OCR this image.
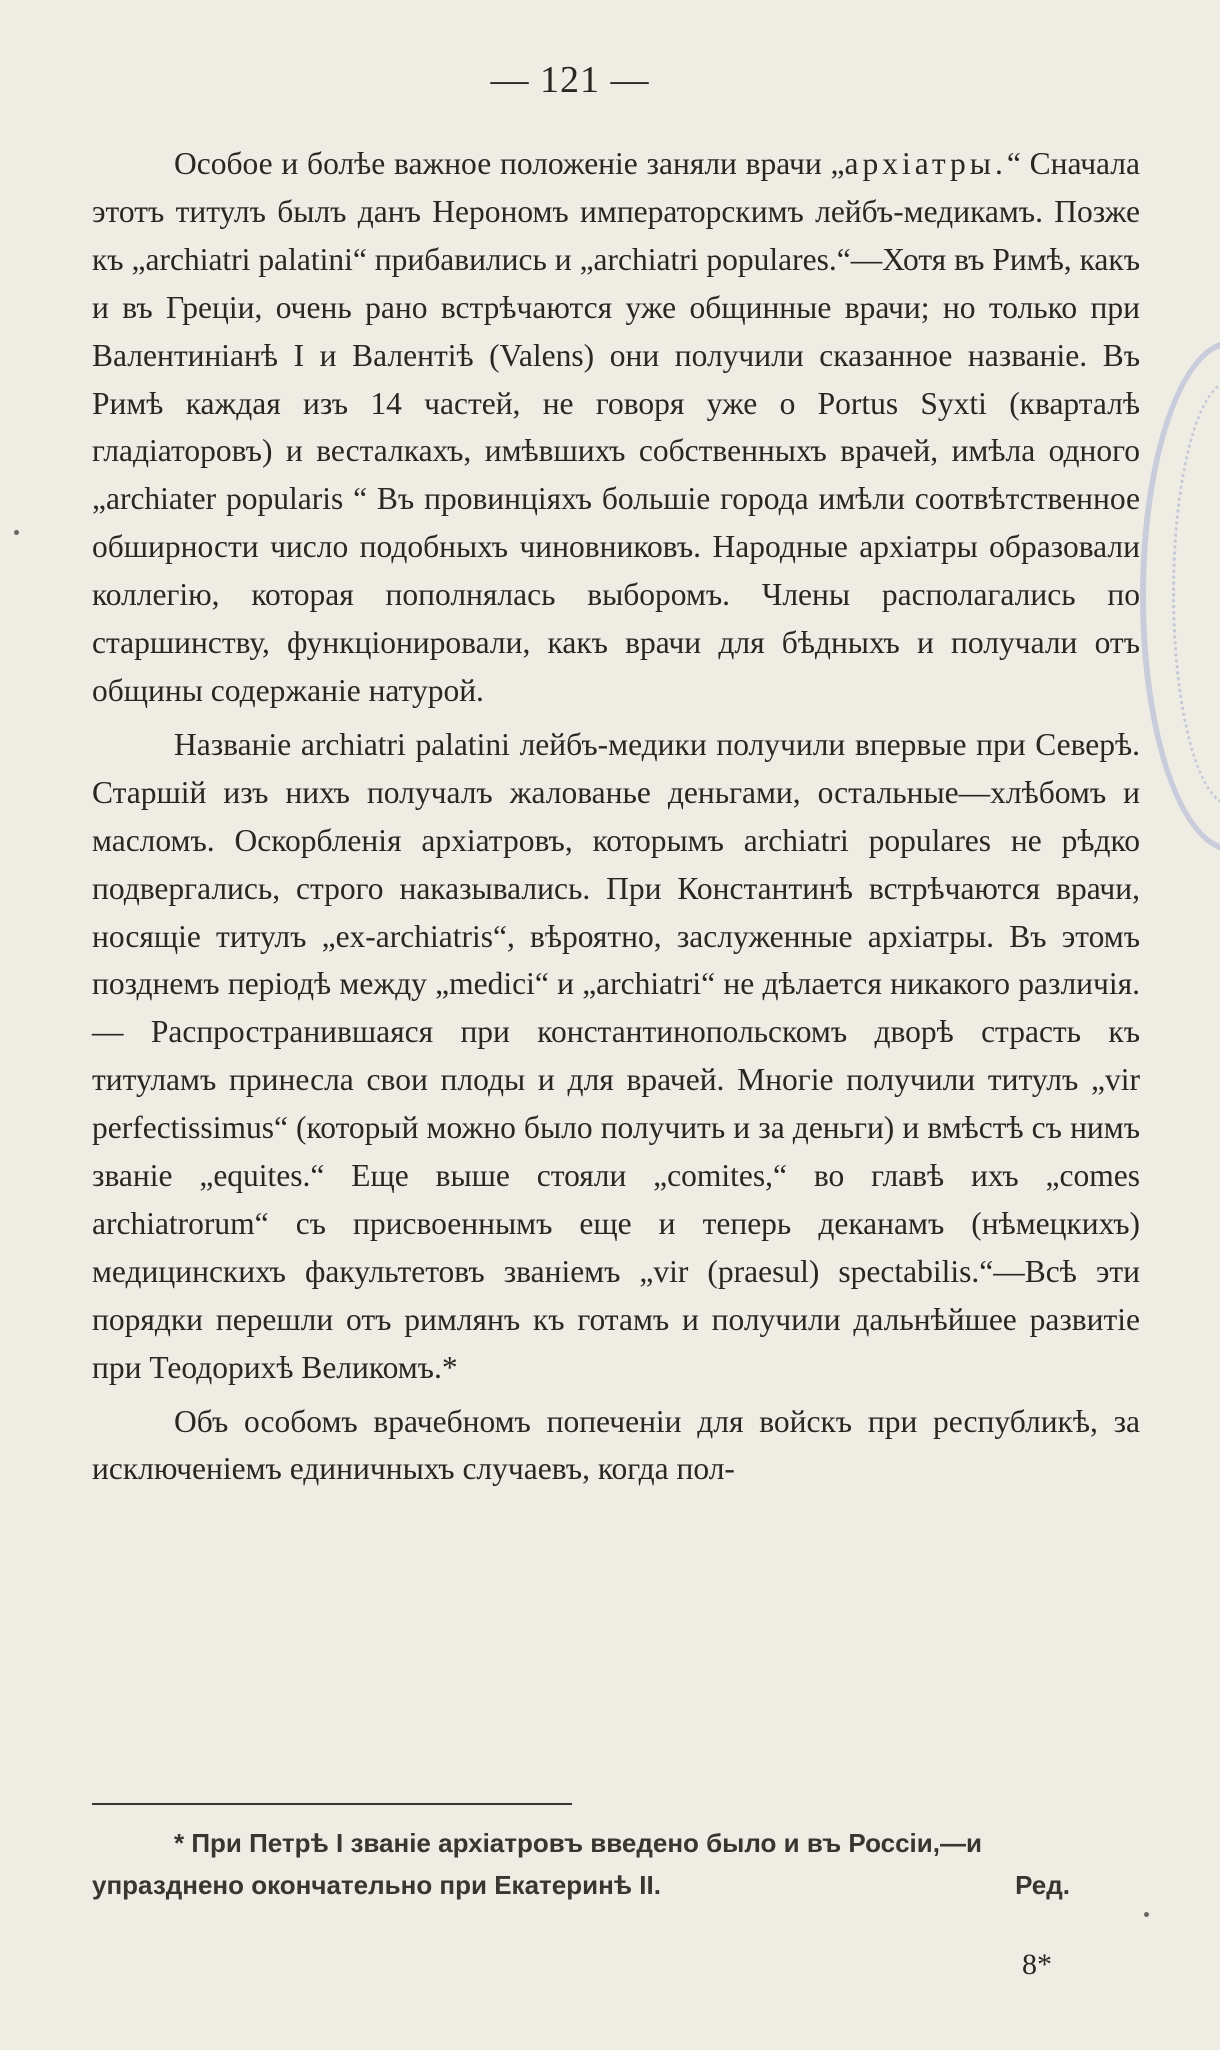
— 121 —

Особое и болѣе важное положеніе заняли врачи „архіатры.“ Сначала этотъ титулъ былъ данъ Нерономъ императорскимъ лейбъ-медикамъ. Позже къ „archiatri palatini“ прибавились и „archiatri populares.“—Хотя въ Римѣ, какъ и въ Греціи, очень рано встрѣчаются уже общинные врачи; но только при Валентиніанѣ I и Валентіѣ (Valens) они получили сказанное названіе. Въ Римѣ каждая изъ 14 частей, не говоря уже о Portus Syxti (кварталѣ гладіаторовъ) и весталкахъ, имѣвшихъ собственныхъ врачей, имѣла одного „archiater popularis “ Въ провинціяхъ большіе города имѣли соотвѣтственное обширности число подобныхъ чиновниковъ. Народные архіатры образовали коллегію, которая пополнялась выборомъ. Члены располагались по старшинству, функціонировали, какъ врачи для бѣдныхъ и получали отъ общины содержаніе натурой.

Названіе archiatri palatini лейбъ-медики получили впервые при Северѣ. Старшій изъ нихъ получалъ жалованье деньгами, остальные—хлѣбомъ и масломъ. Оскорбленія архіатровъ, которымъ archiatri populares не рѣдко подвергались, строго наказывались. При Константинѣ встрѣчаются врачи, носящіе титулъ „ex-archiatris“, вѣроятно, заслуженные архіатры. Въ этомъ позднемъ періодѣ между „medici“ и „archiatri“ не дѣлается никакого различія.— Распространившаяся при константинопольскомъ дворѣ страсть къ титуламъ принесла свои плоды и для врачей. Многіе получили титулъ „vir perfectissimus“ (который можно было получить и за деньги) и вмѣстѣ съ нимъ званіе „equites.“ Еще выше стояли „comites,“ во главѣ ихъ „comes archiatrorum“ съ присвоеннымъ еще и теперь деканамъ (нѣмецкихъ) медицинскихъ факультетовъ званіемъ „vir (praesul) spectabilis.“—Всѣ эти порядки перешли отъ римлянъ къ готамъ и получили дальнѣйшее развитіе при Теодорихѣ Великомъ.*

Объ особомъ врачебномъ попеченіи для войскъ при республикѣ, за исключеніемъ единичныхъ случаевъ, когда пол-

* При Петрѣ I званіе архіатровъ введено было и въ Россіи,—и упразднено окончательно при Екатеринѣ II.	Ред.

8*
